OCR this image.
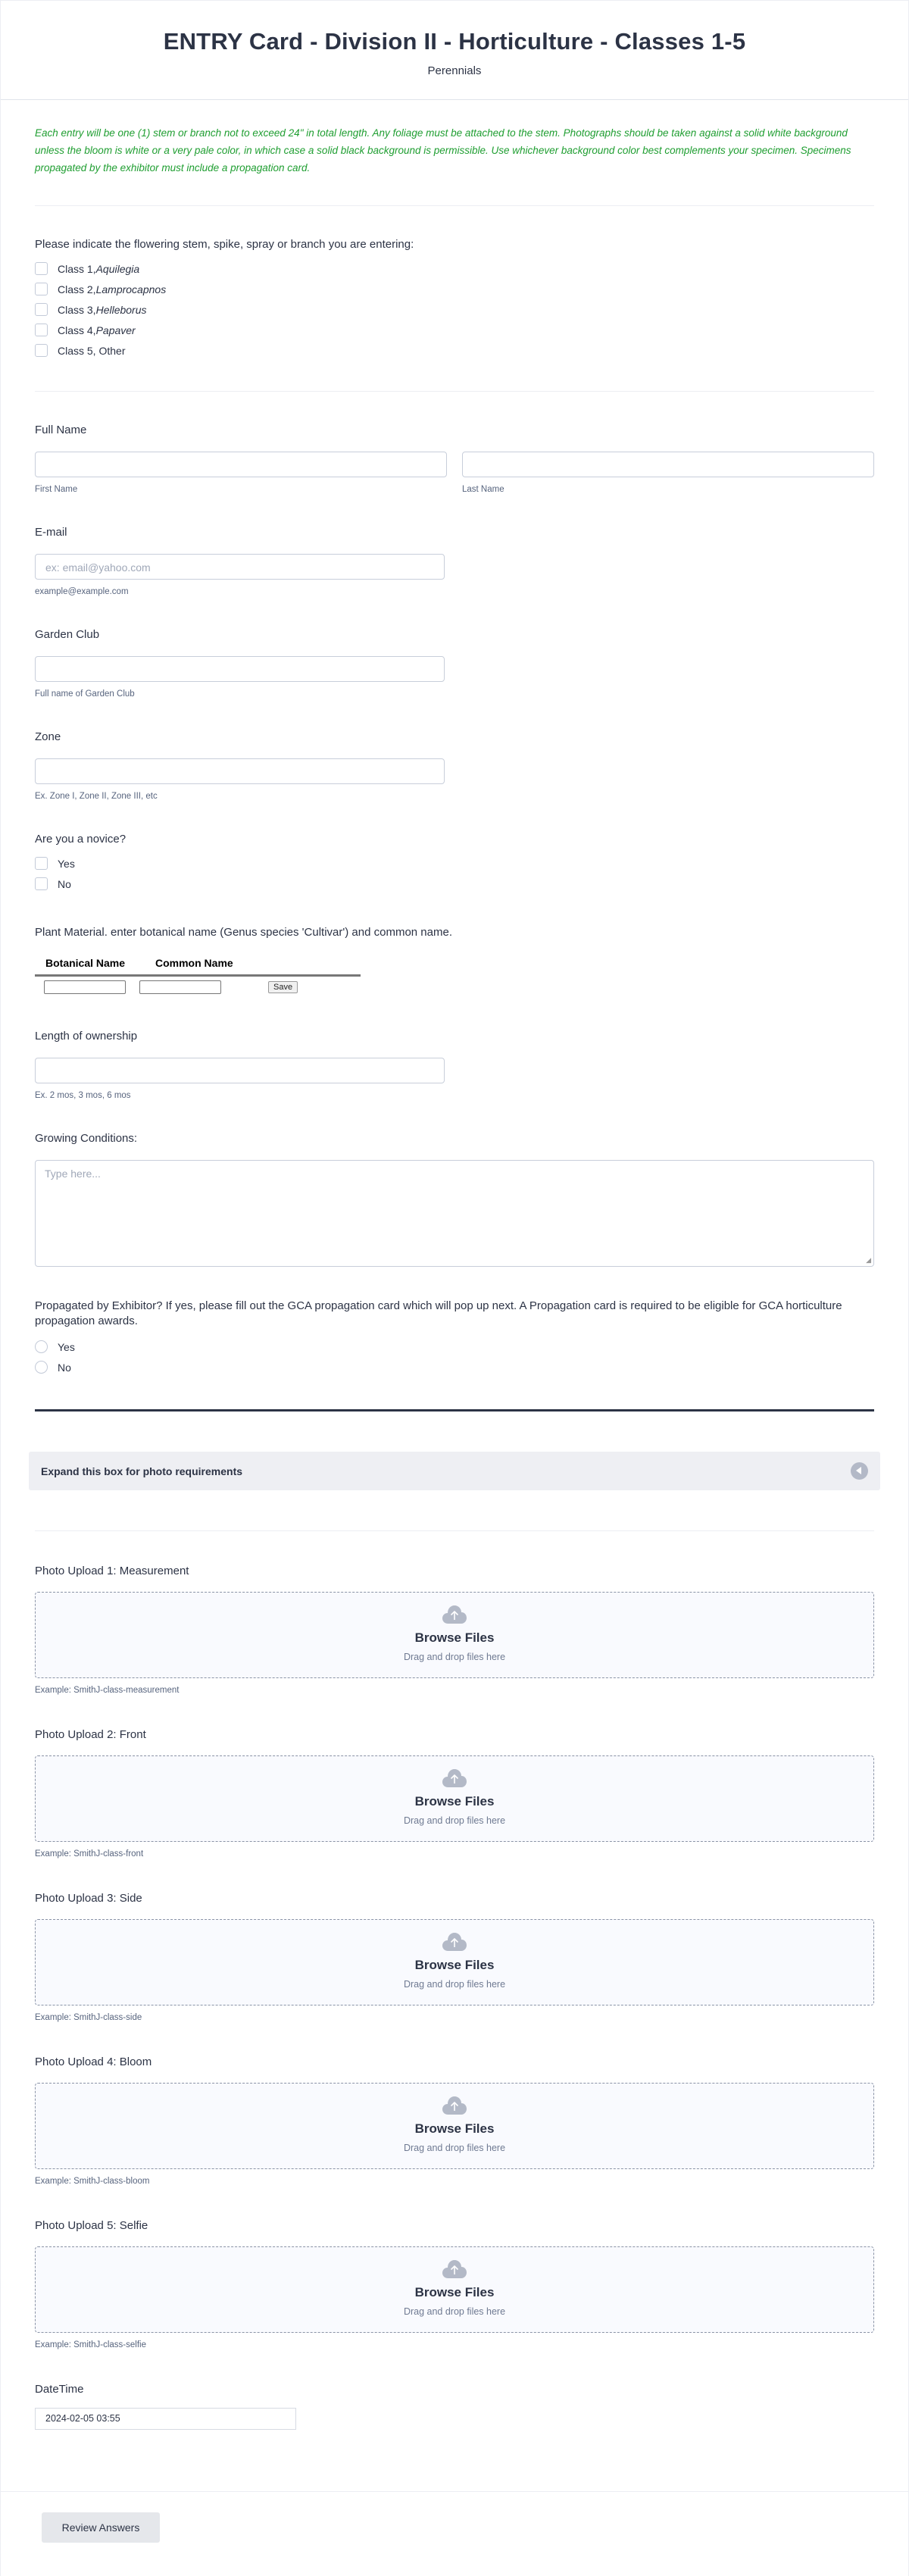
ENTRY Card - Division II - Horticulture - Classes 1-5
Perennials

Each entry will be one (1) stem or branch not to exceed 24" in total length. Any foliage must be attached to the stem. Photographs should be taken against a solid white background unless the bloom is white or a very pale color, in which case a solid black background is permissible. Use whichever background color best complements your specimen. Specimens propagated by the exhibitor must include a propagation card.

Please indicate the flowering stem, spike, spray or branch you are entering:
Class 1, Aquilegia
Class 2, Lamprocapnos
Class 3, Helleborus
Class 4, Papaver
Class 5, Other
Full Name
First Name	Last Name
E-mail
ex: email@yahoo.com
example@example.com
Garden Club
Full name of Garden Club
Zone
Ex. Zone I, Zone II, Zone III, etc
Are you a novice?
Yes
No
Plant Material. enter botanical name (Genus species 'Cultivar') and common name.
Botanical Name	Common Name
Save
Length of ownership
Ex. 2 mos, 3 mos, 6 mos
Growing Conditions:
Type here...
◢
Propagated by Exhibitor? If yes, please fill out the GCA propagation card which will pop up next. A Propagation card is required to be eligible for GCA horticulture propagation awards.
Yes
No
Expand this box for photo requirements
Photo Upload 1: Measurement
Browse Files
Drag and drop files here
Example: SmithJ-class-measurement
Photo Upload 2: Front
Browse Files
Drag and drop files here
Example: SmithJ-class-front
Photo Upload 3: Side
Browse Files
Drag and drop files here
Example: SmithJ-class-side
Photo Upload 4: Bloom
Browse Files
Drag and drop files here
Example: SmithJ-class-bloom
Photo Upload 5: Selfie
Browse Files
Drag and drop files here
Example: SmithJ-class-selfie
DateTime
2024-02-05 03:55
Review Answers
